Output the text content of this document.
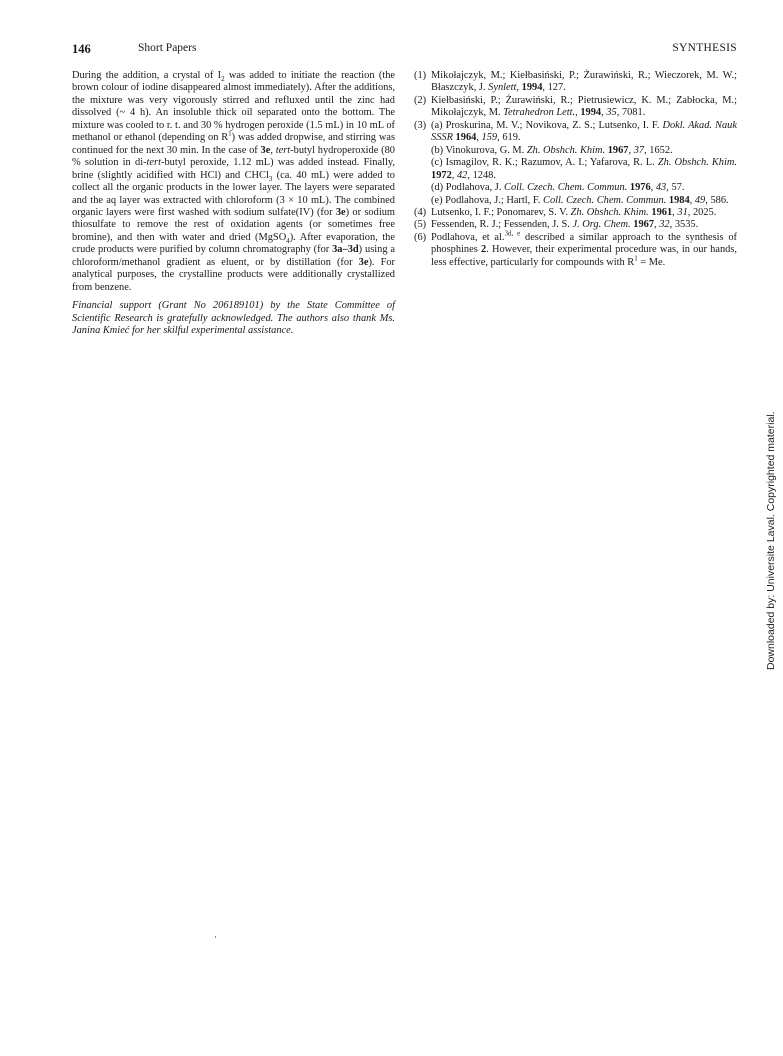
146	Short Papers	SYNTHESIS

During the addition, a crystal of $I_2$ was added to initiate the reaction (the brown colour of iodine disappeared almost immediately). After the additions, the mixture was very vigorously stirred and refluxed until the zinc had dissolved (~ 4 h). An insoluble thick oil separated onto the bottom. The mixture was cooled to r. t. and 30 % hydrogen peroxide (1.5 mL) in 10 mL of methanol or ethanol (depending on $R^1$) was added dropwise, and stirring was continued for the next 30 min. In the case of 3e, tert-butyl hydroperoxide (80 % solution in di-tert-butyl peroxide, 1.12 mL) was added instead. Finally, brine (slightly acidified with HCl) and CHCl$_3$ (ca. 40 mL) were added to collect all the organic products in the lower layer. The layers were separated and the aq layer was extracted with chloroform (3 × 10 mL). The combined organic layers were first washed with sodium sulfate(IV) (for 3e) or sodium thiosulfate to remove the rest of oxidation agents (or sometimes free bromine), and then with water and dried (MgSO$_4$). After evaporation, the crude products were purified by column chromatography (for 3a–3d) using a chloroform/methanol gradient as eluent, or by distillation (for 3e). For analytical purposes, the crystalline products were additionally crystallized from benzene.

Financial support (Grant No 206189101) by the State Committee of Scientific Research is gratefully acknowledged. The authors also thank Ms. Janina Kmieć for her skilful experimental assistance.

(1) Mikołajczyk, M.; Kiełbasiński, P.; Żurawiński, R.; Wieczorek, M. W.; Błaszczyk, J. Synlett, 1994, 127.
(2) Kiełbasiński, P.; Żurawiński, R.; Pietrusiewicz, K. M.; Zabłocka, M.; Mikołajczyk, M. Tetrahedron Lett., 1994, 35, 7081.
(3) (a) Proskurina, M. V.; Novikova, Z. S.; Lutsenko, I. F. Dokl. Akad. Nauk SSSR 1964, 159, 619.
(b) Vinokurova, G. M. Zh. Obshch. Khim. 1967, 37, 1652.
(c) Ismagilov, R. K.; Razumov, A. I.; Yafarova, R. L. Zh. Obshch. Khim. 1972, 42, 1248.
(d) Podlahova, J. Coll. Czech. Chem. Commun. 1976, 43, 57.
(e) Podlahova, J.; Hartl, F. Coll. Czech. Chem. Commun. 1984, 49, 586.
(4) Lutsenko, I. F.; Ponomarev, S. V. Zh. Obshch. Khim. 1961, 31, 2025.
(5) Fessenden, R. J.; Fessenden, J. S. J. Org. Chem. 1967, 32, 3535.
(6) Podlahova, et al.$^{3d, e}$ described a similar approach to the synthesis of phosphines 2. However, their experimental procedure was, in our hands, less effective, particularly for compounds with $R^1 = Me$.
Downloaded by: Universite Laval. Copyrighted material.
